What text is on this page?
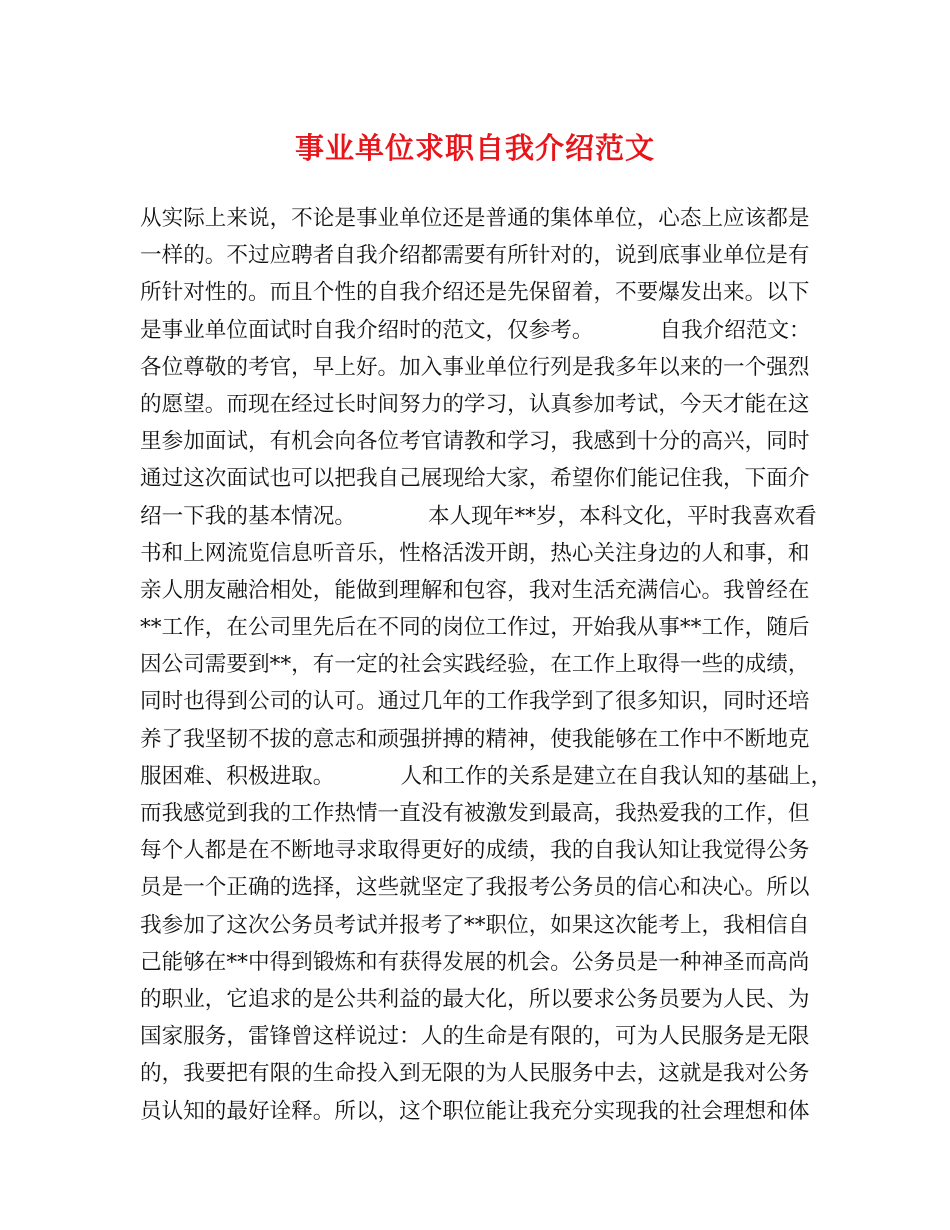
事业单位求职自我介绍范文
从实际上来说，不论是事业单位还是普通的集体单位，心态上应该都是
一样的。不过应聘者自我介绍都需要有所针对的，说到底事业单位是有
所针对性的。而且个性的自我介绍还是先保留着，不要爆发出来。以下
是事业单位面试时自我介绍时的范文，仅参考。	自我介绍范文：
各位尊敬的考官，早上好。加入事业单位行列是我多年以来的一个强烈
的愿望。而现在经过长时间努力的学习，认真参加考试，今天才能在这
里参加面试，有机会向各位考官请教和学习，我感到十分的高兴，同时
通过这次面试也可以把我自己展现给大家，希望你们能记住我，下面介
绍一下我的基本情况。	本人现年**岁，本科文化，平时我喜欢看
书和上网流览信息听音乐，性格活泼开朗，热心关注身边的人和事，和
亲人朋友融洽相处，能做到理解和包容，我对生活充满信心。我曾经在
**工作，在公司里先后在不同的岗位工作过，开始我从事**工作，随后
因公司需要到**，有一定的社会实践经验，在工作上取得一些的成绩，
同时也得到公司的认可。通过几年的工作我学到了很多知识，同时还培
养了我坚韧不拔的意志和顽强拼搏的精神，使我能够在工作中不断地克
服困难、积极进取。	人和工作的关系是建立在自我认知的基础上，
而我感觉到我的工作热情一直没有被激发到最高，我热爱我的工作，但
每个人都是在不断地寻求取得更好的成绩，我的自我认知让我觉得公务
员是一个正确的选择，这些就坚定了我报考公务员的信心和决心。所以
我参加了这次公务员考试并报考了**职位，如果这次能考上，我相信自
己能够在**中得到锻炼和有获得发展的机会。公务员是一种神圣而高尚
的职业，它追求的是公共利益的最大化，所以要求公务员要为人民、为
国家服务，雷锋曾这样说过：人的生命是有限的，可为人民服务是无限
的，我要把有限的生命投入到无限的为人民服务中去，这就是我对公务
员认知的最好诠释。所以，这个职位能让我充分实现我的社会理想和体
